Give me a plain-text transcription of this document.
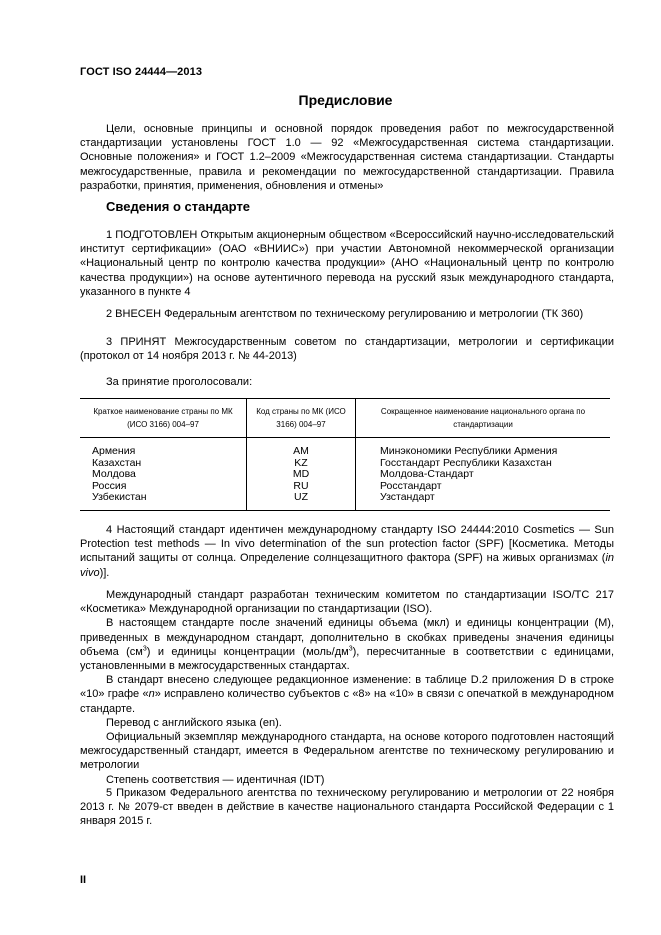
ГОСТ ISO 24444—2013
Предисловие
Цели, основные принципы и основной порядок проведения работ по межгосударственной стандартизации установлены ГОСТ 1.0 — 92 «Межгосударственная система стандартизации. Основные положения» и ГОСТ 1.2–2009 «Межгосударственная система стандартизации. Стандарты межгосударственные, правила и рекомендации по межгосударственной стандартизации. Правила разработки, принятия, применения, обновления и отмены»
Сведения о стандарте
1 ПОДГОТОВЛЕН Открытым акционерным обществом «Всероссийский научно-исследовательский институт сертификации» (ОАО «ВНИИС») при участии Автономной некоммерческой организации «Национальный центр по контролю качества продукции» (АНО «Национальный центр по контролю качества продукции») на основе аутентичного перевода на русский язык международного стандарта, указанного в пункте 4
2 ВНЕСЕН Федеральным агентством по техническому регулированию и метрологии (ТК 360)
3 ПРИНЯТ Межгосударственным советом по стандартизации, метрологии и сертификации (протокол от 14 ноября 2013 г. № 44-2013)
За принятие проголосовали:
Краткое наименование страны по МК (ИСО 3166) 004–97	Код страны по МК (ИСО 3166) 004–97	Сокращенное наименование национального органа по стандартизации
Армения	AM	Минэкономики Республики Армения
Казахстан	KZ	Госстандарт Республики Казахстан
Молдова	MD	Молдова-Стандарт
Россия	RU	Росстандарт
Узбекистан	UZ	Узстандарт
4 Настоящий стандарт идентичен международному стандарту ISO 24444:2010 Cosmetics — Sun Protection test methods — In vivo determination of the sun protection factor (SPF) [Косметика. Методы испытаний защиты от солнца. Определение солнцезащитного фактора (SPF) на живых организмах (in vivo)].

Международный стандарт разработан техническим комитетом по стандартизации ISO/TC 217 «Косметика» Международной организации по стандартизации (ISO).

В настоящем стандарте после значений единицы объема (мкл) и единицы концентрации (М), приведенных в международном стандарт, дополнительно в скобках приведены значения единицы объема $(см^3)$ и единицы концентрации $(моль/дм^3)$, пересчитанные в соответствии с единицами, установленными в межгосударственных стандартах.

В стандарт внесено следующее редакционное изменение: в таблице D.2 приложения D в строке «10» графе «n» исправлено количество субъектов с «8» на «10» в связи с опечаткой в международном стандарте.

Перевод с английского языка (en).

Официальный экземпляр международного стандарта, на основе которого подготовлен настоящий межгосударственный стандарт, имеется в Федеральном агентстве по техническому регулированию и метрологии

Степень соответствия — идентичная (IDT)

5 Приказом Федерального агентства по техническому регулированию и метрологии от 22 ноября 2013 г. № 2079-ст введен в действие в качестве национального стандарта Российской Федерации с 1 января 2015 г.
II
